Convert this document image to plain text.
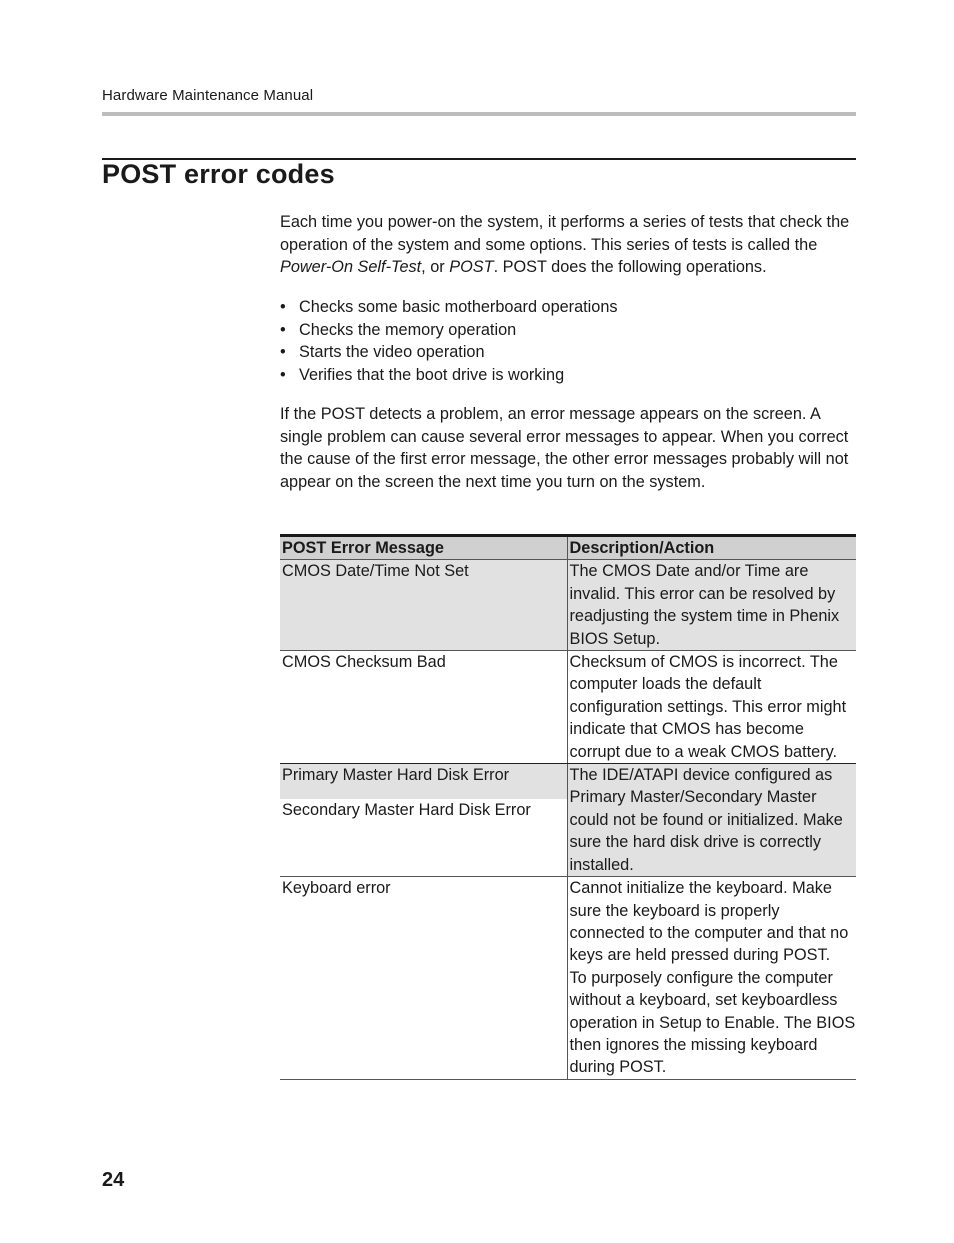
Hardware Maintenance Manual
POST error codes

Each time you power-on the system, it performs a series of tests that check the operation of the system and some options. This series of tests is called the Power-On Self-Test, or POST. POST does the following operations.

• Checks some basic motherboard operations
• Checks the memory operation
• Starts the video operation
• Verifies that the boot drive is working

If the POST detects a problem, an error message appears on the screen. A single problem can cause several error messages to appear. When you correct the cause of the first error message, the other error messages probably will not appear on the screen the next time you turn on the system.

POST Error Message	Description/Action
CMOS Date/Time Not Set	The CMOS Date and/or Time are invalid. This error can be resolved by readjusting the system time in Phenix BIOS Setup.
CMOS Checksum Bad	Checksum of CMOS is incorrect. The computer loads the default configuration settings. This error might indicate that CMOS has become corrupt due to a weak CMOS battery.

Primary Master Hard Disk Error
Secondary Master Hard Disk Error	The IDE/ATAPI device configured as Primary Master/Secondary Master could not be found or initialized. Make sure the hard disk drive is correctly installed.
Keyboard error	Cannot initialize the keyboard. Make sure the keyboard is properly connected to the computer and that no keys are held pressed during POST.
To purposely configure the computer without a keyboard, set keyboardless operation in Setup to Enable. The BIOS then ignores the missing keyboard during POST.
24
